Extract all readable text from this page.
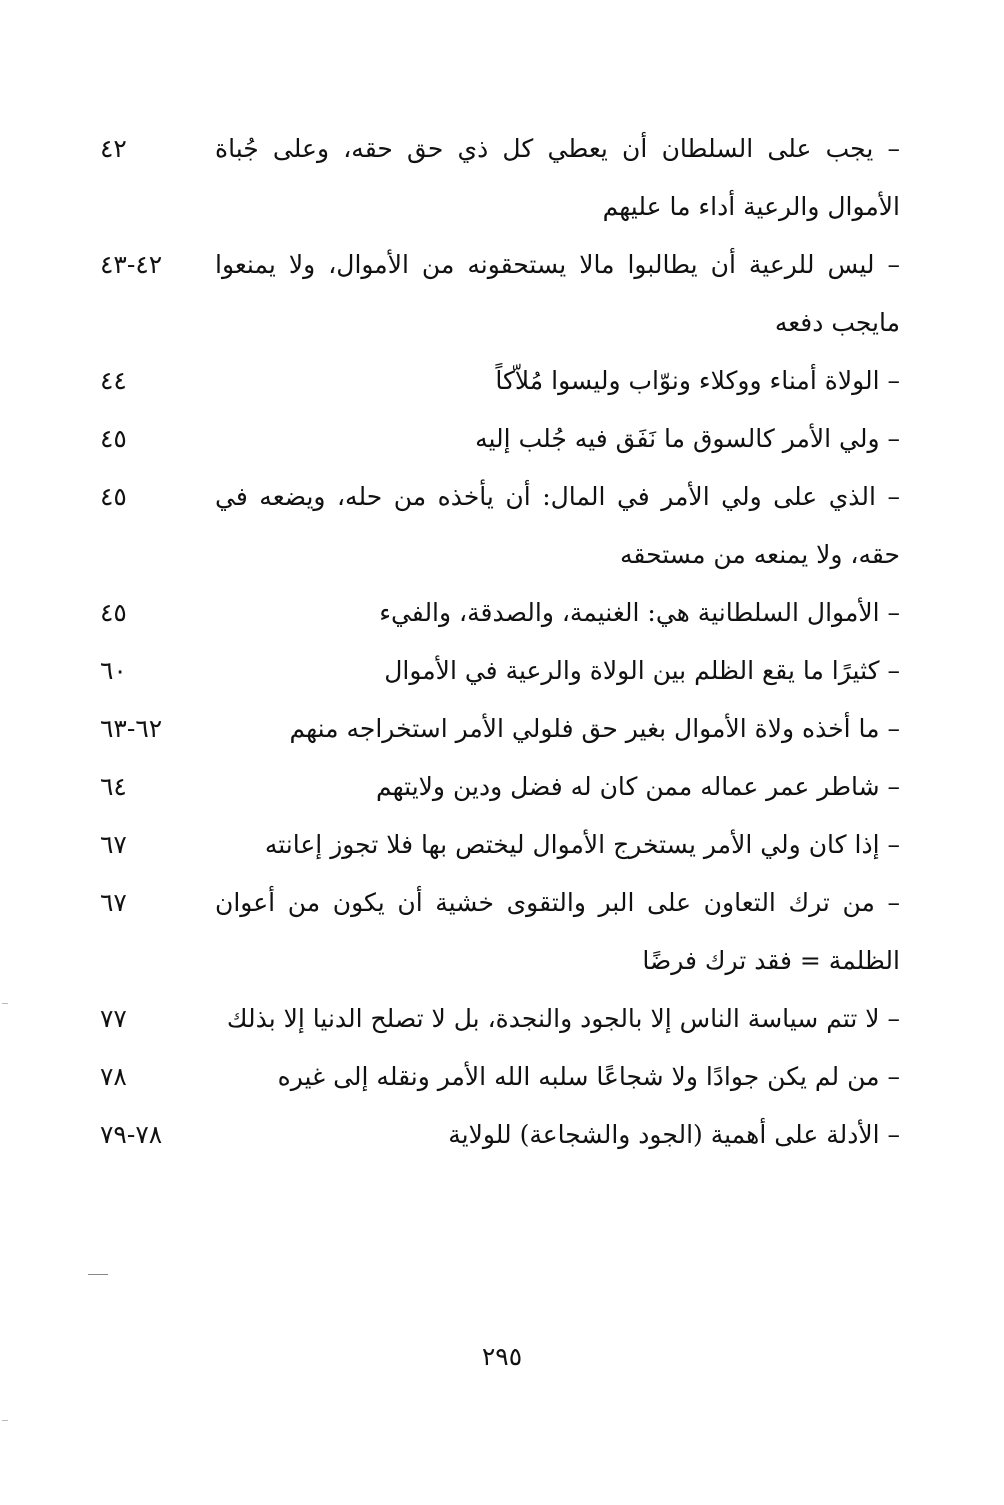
– يجب على السلطان أن يعطي كل ذي حق حقه، وعلى جُباة الأموال والرعية أداء ما عليهم

٤٢

– ليس للرعية أن يطالبوا مالا يستحقونه من الأموال، ولا يمنعوا مايجب دفعه

٤٢-٤٣

– الولاة أمناء ووكلاء ونوّاب وليسوا مُلاّكاً

٤٤

– ولي الأمر كالسوق ما نَفَق فيه جُلب إليه

٤٥

– الذي على ولي الأمر في المال: أن يأخذه من حله، ويضعه في حقه، ولا يمنعه من مستحقه

٤٥

– الأموال السلطانية هي: الغنيمة، والصدقة، والفيء

٤٥

– كثيرًا ما يقع الظلم بين الولاة والرعية في الأموال

٦٠

– ما أخذه ولاة الأموال بغير حق فلولي الأمر استخراجه منهم

٦٢-٦٣

– شاطر عمر عماله ممن كان له فضل ودين ولايتهم

٦٤

– إذا كان ولي الأمر يستخرج الأموال ليختص بها فلا تجوز إعانته

٦٧

– من ترك التعاون على البر والتقوى خشية أن يكون من أعوان الظلمة = فقد ترك فرضًا

٦٧

– لا تتم سياسة الناس إلا بالجود والنجدة، بل لا تصلح الدنيا إلا بذلك

٧٧

– من لم يكن جوادًا ولا شجاعًا سلبه الله الأمر ونقله إلى غيره

٧٨

– الأدلة على أهمية (الجود والشجاعة) للولاية

٧٨-٧٩
٢٩٥
